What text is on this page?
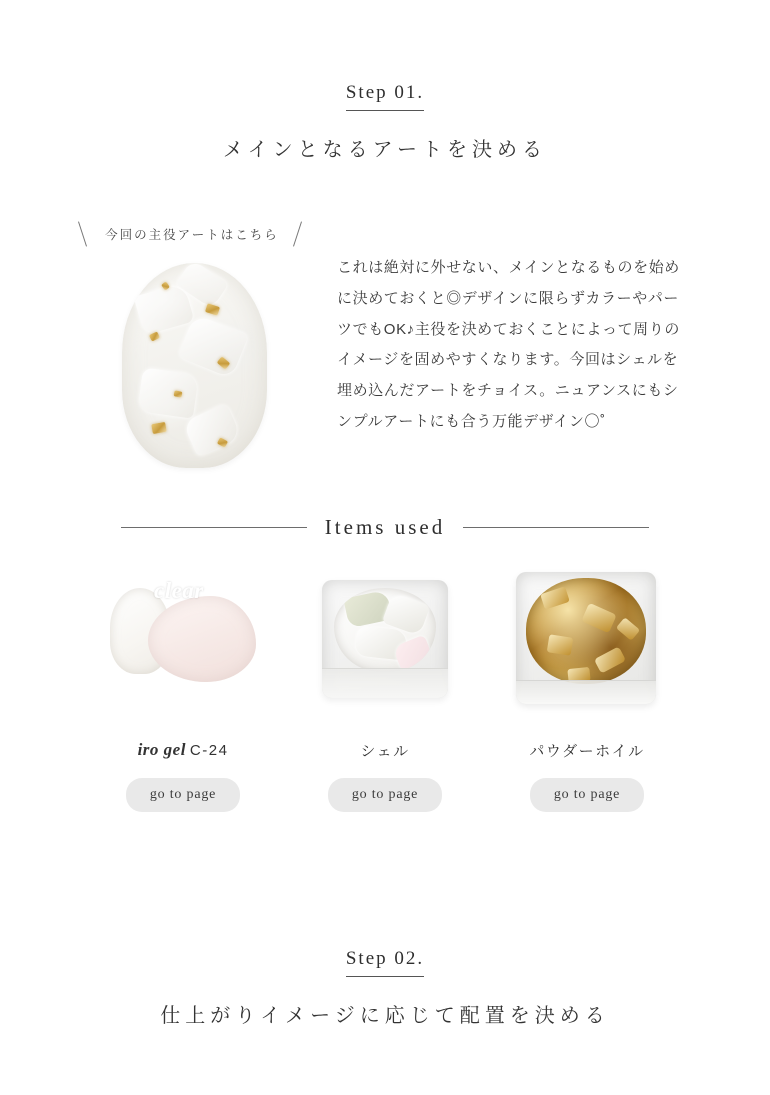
Step 01.
メインとなるアートを決める
今回の主役アートはこちら
これは絶対に外せない、メインとなるものを始めに決めておくと◎デザインに限らずカラーやパーツでもOK♪主役を決めておくことによって周りのイメージを固めやすくなります。今回はシェルを埋め込んだアートをチョイス。ニュアンスにもシンプルアートにも合う万能デザイン〇˚
Items used
clear
iro gel C-24
go to page
シェル
go to page
パウダーホイル
go to page
Step 02.
仕上がりイメージに応じて配置を決める
